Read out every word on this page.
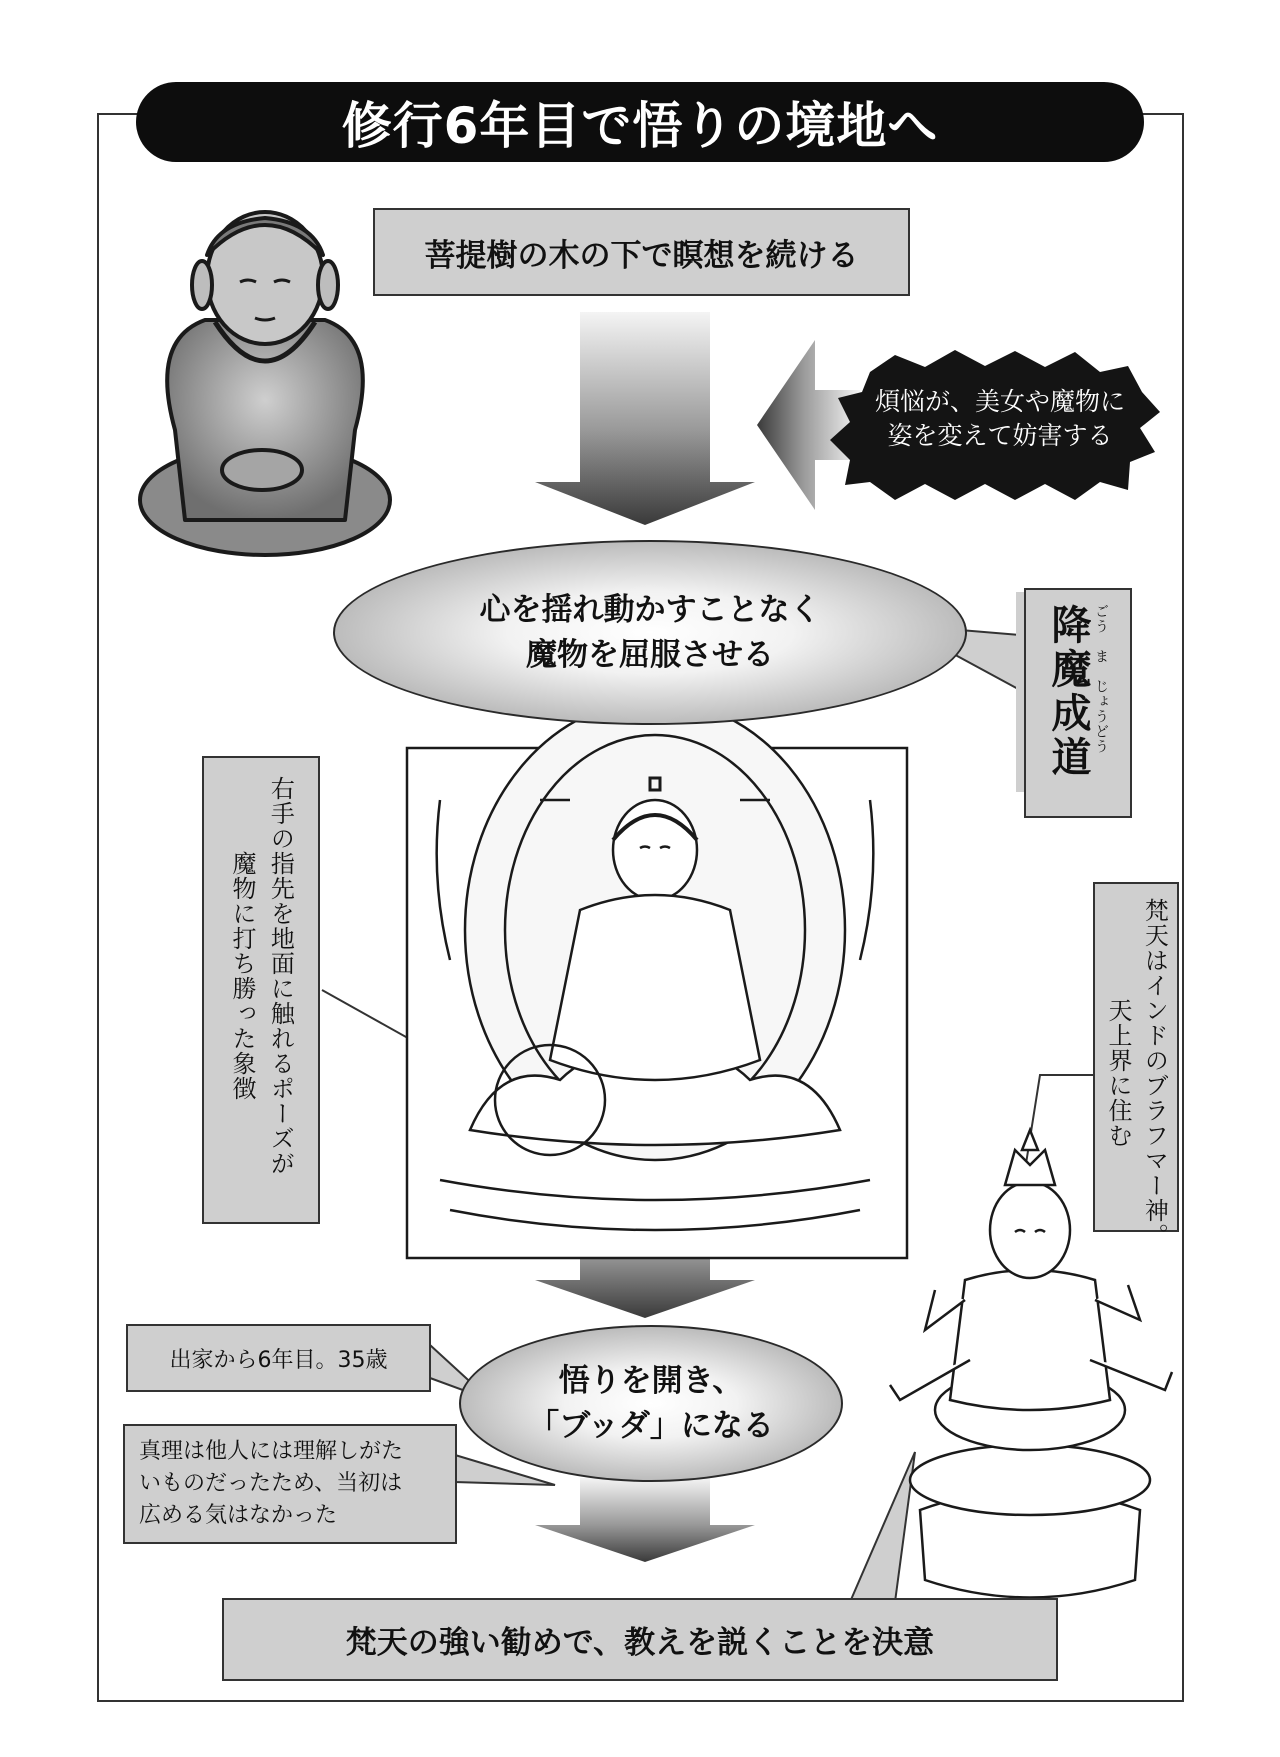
修行6年目で悟りの境地へ
菩提樹の木の下で瞑想を続ける
煩悩が、美女や魔物に
姿を変えて妨害する
心を揺れ動かすことなく
魔物を屈服させる	降魔成道 ごう　ま　じょうどう
右手の指先を地面に触れるポーズが
魔物に打ち勝った象徴	梵天はインドのブラフマー神。
天上界に住む
出家から6年目。35歳
悟りを開き、
「ブッダ」になる
真理は他人には理解しがた
いものだったため、当初は
広める気はなかった
梵天の強い勧めで、教えを説くことを決意
